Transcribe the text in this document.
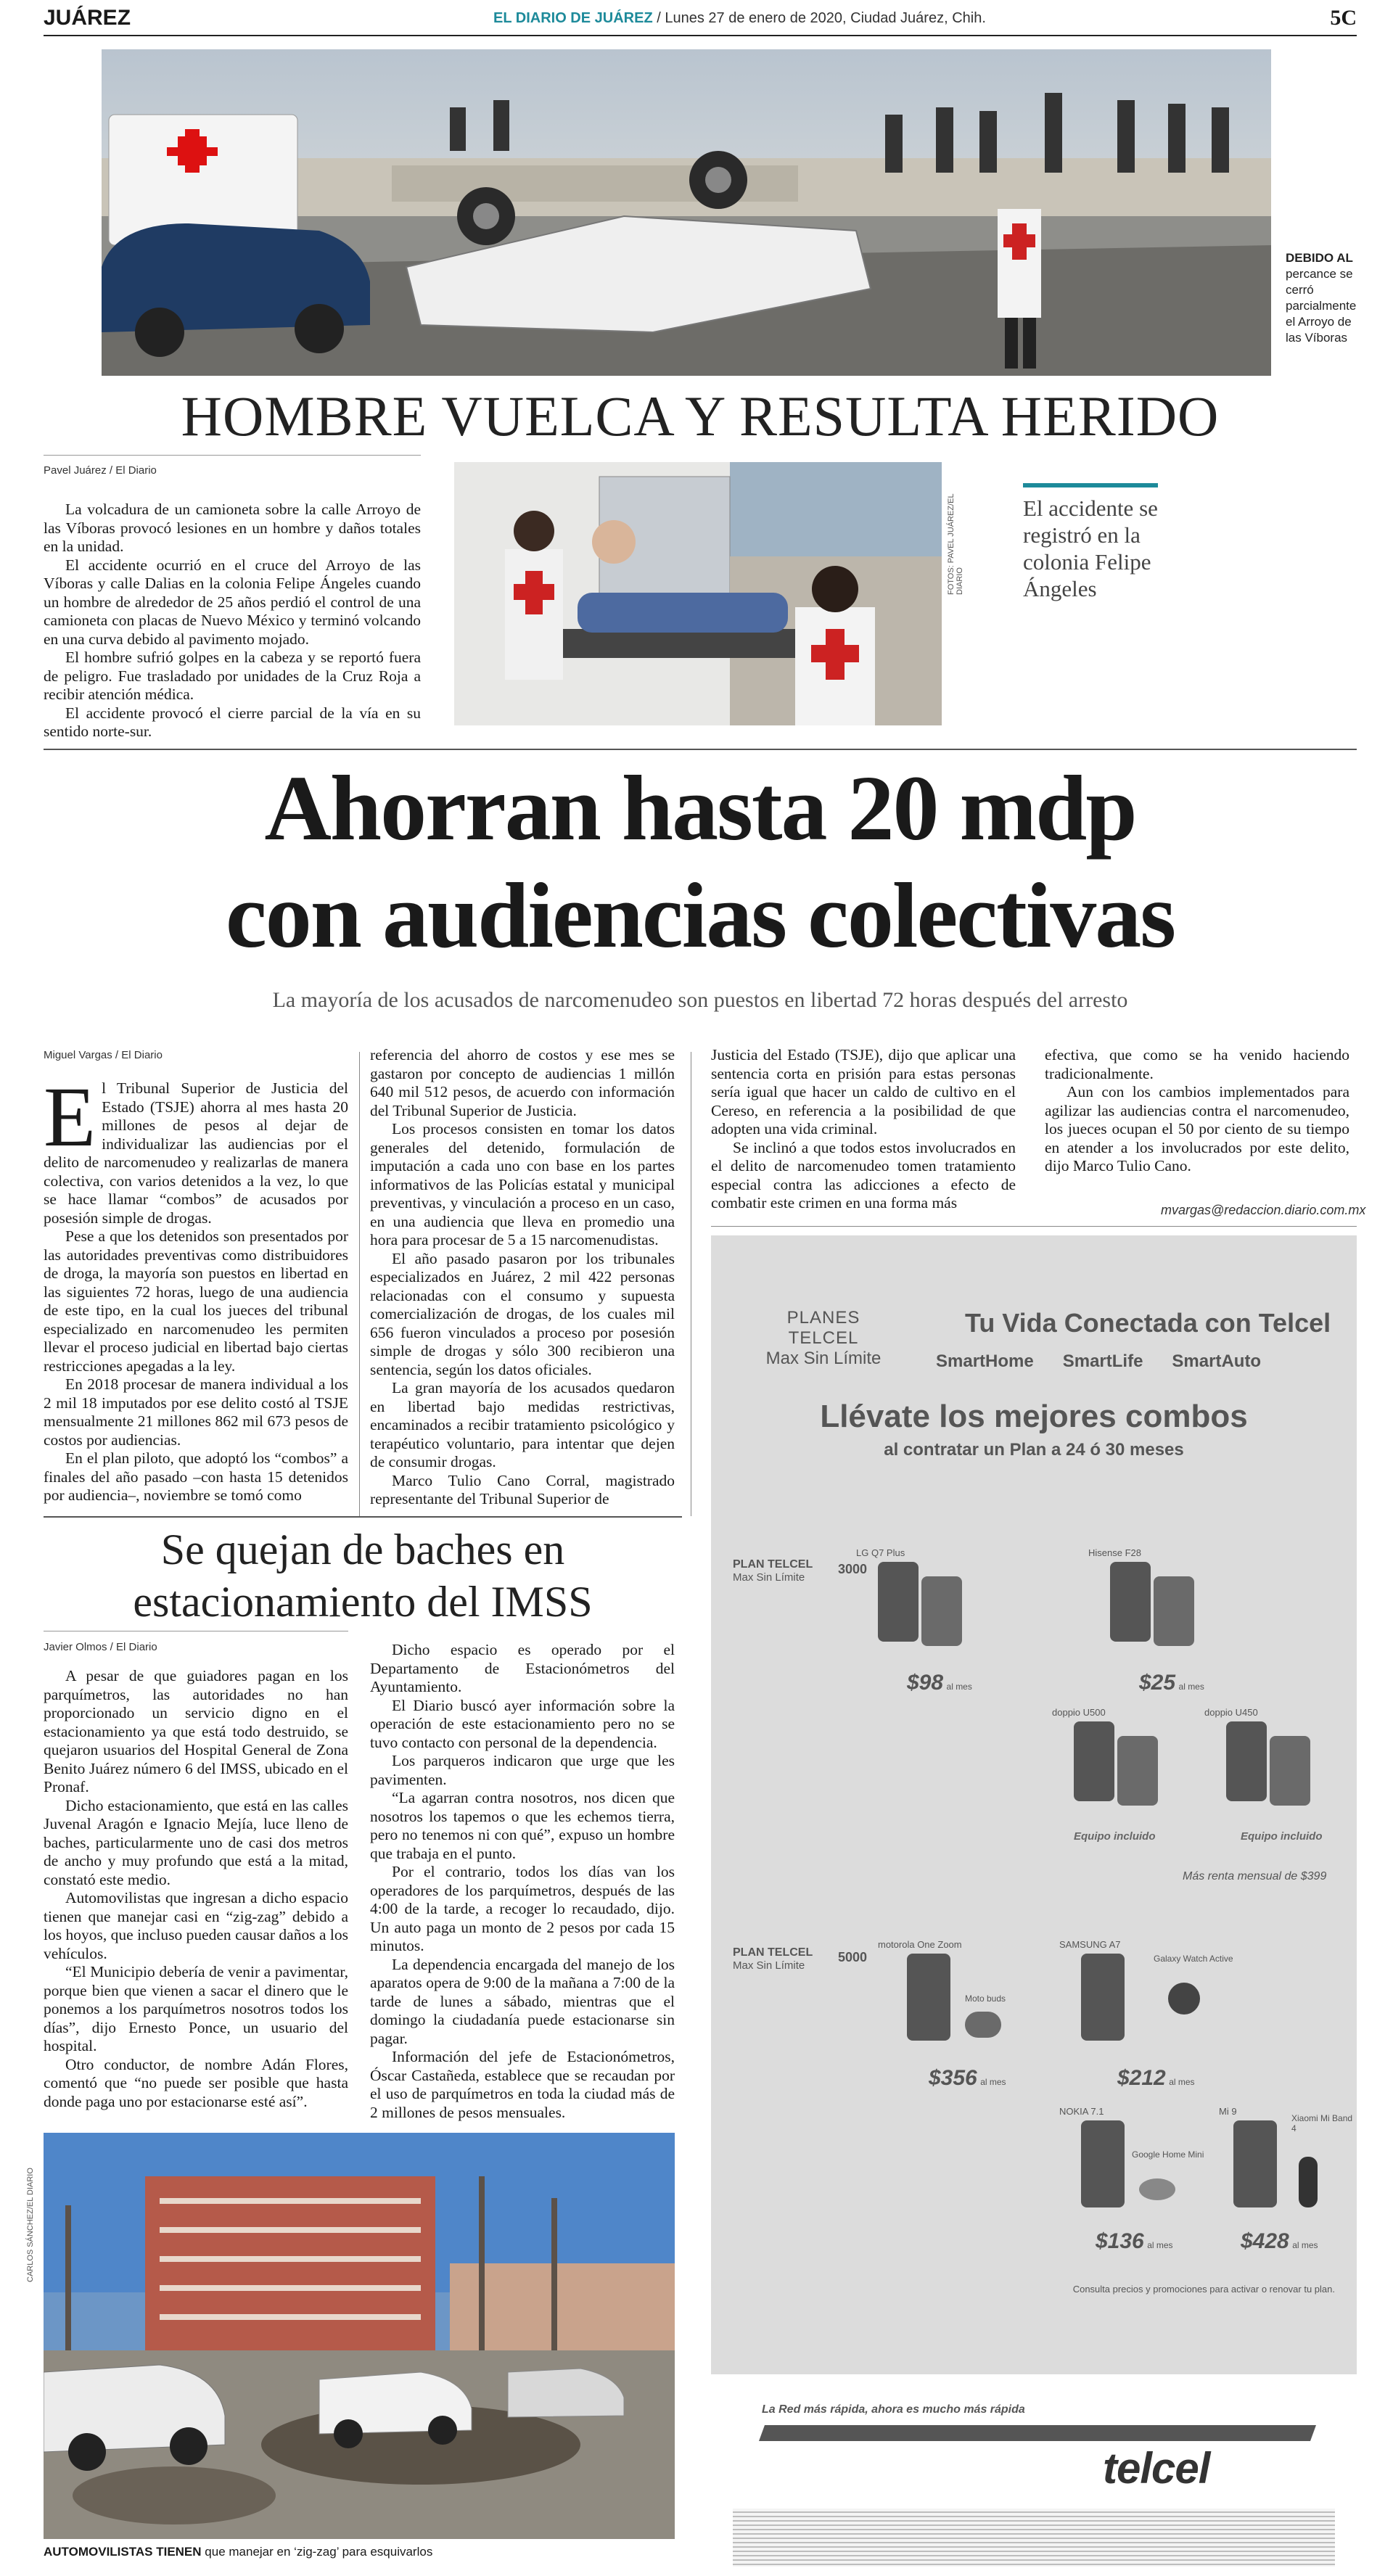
JUÁREZ	EL DIARIO DE JUÁREZ / Lunes 27 de enero de 2020, Ciudad Juárez, Chih.	5C
DEBIDO AL percance se cerró parcialmente el Arroyo de las Víboras
HOMBRE VUELCA Y RESULTA HERIDO
Pavel Juárez / El Diario

La volcadura de un camioneta sobre la calle Arroyo de las Víboras provocó lesiones en un hombre y daños totales en la unidad.

El accidente ocurrió en el cruce del Arroyo de las Víboras y calle Dalias en la colonia Felipe Ángeles cuando un hombre de alrededor de 25 años perdió el control de una camioneta con placas de Nuevo México y terminó volcando en una curva debido al pavimento mojado.

El hombre sufrió golpes en la cabeza y se reportó fuera de peligro. Fue trasladado por unidades de la Cruz Roja a recibir atención médica.

El accidente provocó el cierre parcial de la vía en su sentido norte-sur.

FOTOS: PAVEL JUÁREZ/EL DIARIO
El accidente se registró en la colonia Felipe Ángeles
Ahorran hasta 20 mdp
con audiencias colectivas
La mayoría de los acusados de narcomenudeo son puestos en libertad 72 horas después del arresto
Miguel Vargas / El Diario

El Tribunal Superior de Justicia del Estado (TSJE) ahorra al mes hasta 20 millones de pesos al dejar de individualizar las audiencias por el delito de narcomenudeo y realizarlas de manera colectiva, con varios detenidos a la vez, lo que se hace llamar “combos” de acusados por posesión simple de drogas.

Pese a que los detenidos son presentados por las autoridades preventivas como distribuidores de droga, la mayoría son puestos en libertad en las siguientes 72 horas, luego de una audiencia de este tipo, en la cual los jueces del tribunal especializado en narcomenudeo les permiten llevar el proceso judicial en libertad bajo ciertas restricciones apegadas a la ley.

En 2018 procesar de manera individual a los 2 mil 18 imputados por ese delito costó al TSJE mensualmente 21 millones 862 mil 673 pesos de costos por audiencias.

En el plan piloto, que adoptó los “combos” a finales del año pasado –con hasta 15 detenidos por audiencia–, noviembre se tomó como

referencia del ahorro de costos y ese mes se gastaron por concepto de audiencias 1 millón 640 mil 512 pesos, de acuerdo con información del Tribunal Superior de Justicia.

Los procesos consisten en tomar los datos generales del detenido, formulación de imputación a cada uno con base en los partes informativos de las Policías estatal y municipal preventivas, y vinculación a proceso en un caso, en una audiencia que lleva en promedio una hora para procesar de 5 a 15 narcomenudistas.

El año pasado pasaron por los tribunales especializados en Juárez, 2 mil 422 personas relacionadas con el consumo y supuesta comercialización de drogas, de los cuales mil 656 fueron vinculados a proceso por posesión simple de drogas y sólo 300 recibieron una sentencia, según los datos oficiales.

La gran mayoría de los acusados quedaron en libertad bajo medidas restrictivas, encaminados a recibir tratamiento psicológico y terapéutico voluntario, para intentar que dejen de consumir drogas.

Marco Tulio Cano Corral, magistrado representante del Tribunal Superior de

Justicia del Estado (TSJE), dijo que aplicar una sentencia corta en prisión para estas personas sería igual que hacer un caldo de cultivo en el Cereso, en referencia a la posibilidad de que adopten una vida criminal.

Se inclinó a que todos estos involucrados en el delito de narcomenudeo tomen tratamiento especial contra las adicciones a efecto de combatir este crimen en una forma más

efectiva, que como se ha venido haciendo tradicionalmente.

Aun con los cambios implementados para agilizar las audiencias contra el narcomenudeo, los jueces ocupan el 50 por ciento de su tiempo en atender a los involucrados por este delito, dijo Marco Tulio Cano.

mvargas@redaccion.diario.com.mx
Se quejan de baches en
estacionamiento del IMSS
Javier Olmos / El Diario

A pesar de que guiadores pagan en los parquímetros, las autoridades no han proporcionado un servicio digno en el estacionamiento ya que está todo destruido, se quejaron usuarios del Hospital General de Zona Benito Juárez número 6 del IMSS, ubicado en el Pronaf.

Dicho estacionamiento, que está en las calles Juvenal Aragón e Ignacio Mejía, luce lleno de baches, particularmente uno de casi dos metros de ancho y muy profundo que está a la mitad, constató este medio.

Automovilistas que ingresan a dicho espacio tienen que manejar casi en “zig-zag” debido a los hoyos, que incluso pueden causar daños a los vehículos.

“El Municipio debería de venir a pavimentar, porque bien que vienen a sacar el dinero que le ponemos a los parquímetros nosotros todos los días”, dijo Ernesto Ponce, un usuario del hospital.

Otro conductor, de nombre Adán Flores, comentó que “no puede ser posible que hasta donde paga uno por estacionarse esté así”.

Dicho espacio es operado por el Departamento de Estacionómetros del Ayuntamiento.

El Diario buscó ayer información sobre la operación de este estacionamiento pero no se tuvo contacto con personal de la dependencia.

Los parqueros indicaron que urge que les pavimenten.

“La agarran contra nosotros, nos dicen que nosotros los tapemos o que les echemos tierra, pero no tenemos ni con qué”, expuso un hombre que trabaja en el punto.

Por el contrario, todos los días van los operadores de los parquímetros, después de las 4:00 de la tarde, a recoger lo recaudado, dijo. Un auto paga un monto de 2 pesos por cada 15 minutos.

La dependencia encargada del manejo de los aparatos opera de 9:00 de la mañana a 7:00 de la tarde de lunes a sábado, mientras que el domingo la ciudadanía puede estacionarse sin pagar.

Información del jefe de Estacionómetros, Óscar Castañeda, establece que se recaudan por el uso de parquímetros en toda la ciudad más de 2 millones de pesos mensuales.

CARLOS SÁNCHEZ/EL DIARIO
AUTOMOVILISTAS TIENEN que manejar en ‘zig-zag’ para esquivarlos
PLANES TELCEL
Max Sin Límite
Tu Vida Conectada con Telcel
SmartHome SmartLife SmartAuto
Llévate los mejores combos
al contratar un Plan a 24 ó 30 meses
PLAN TELCEL
Max Sin Límite
3000
LG Q7 Plus
$98 al mes
Hisense F28
$25 al mes
doppio U500
Equipo incluido
doppio U450
Equipo incluido
Más renta mensual de $399
PLAN TELCEL
Max Sin Límite
5000
motorola One Zoom
Moto buds
$356 al mes
SAMSUNG A7
Galaxy Watch Active
$212 al mes
NOKIA 7.1
Google Home Mini
$136 al mes
Mi 9
Xiaomi Mi Band 4
$428 al mes
Consulta precios y promociones para activar o renovar tu plan.
La Red más rápida, ahora es mucho más rápida
telcel
